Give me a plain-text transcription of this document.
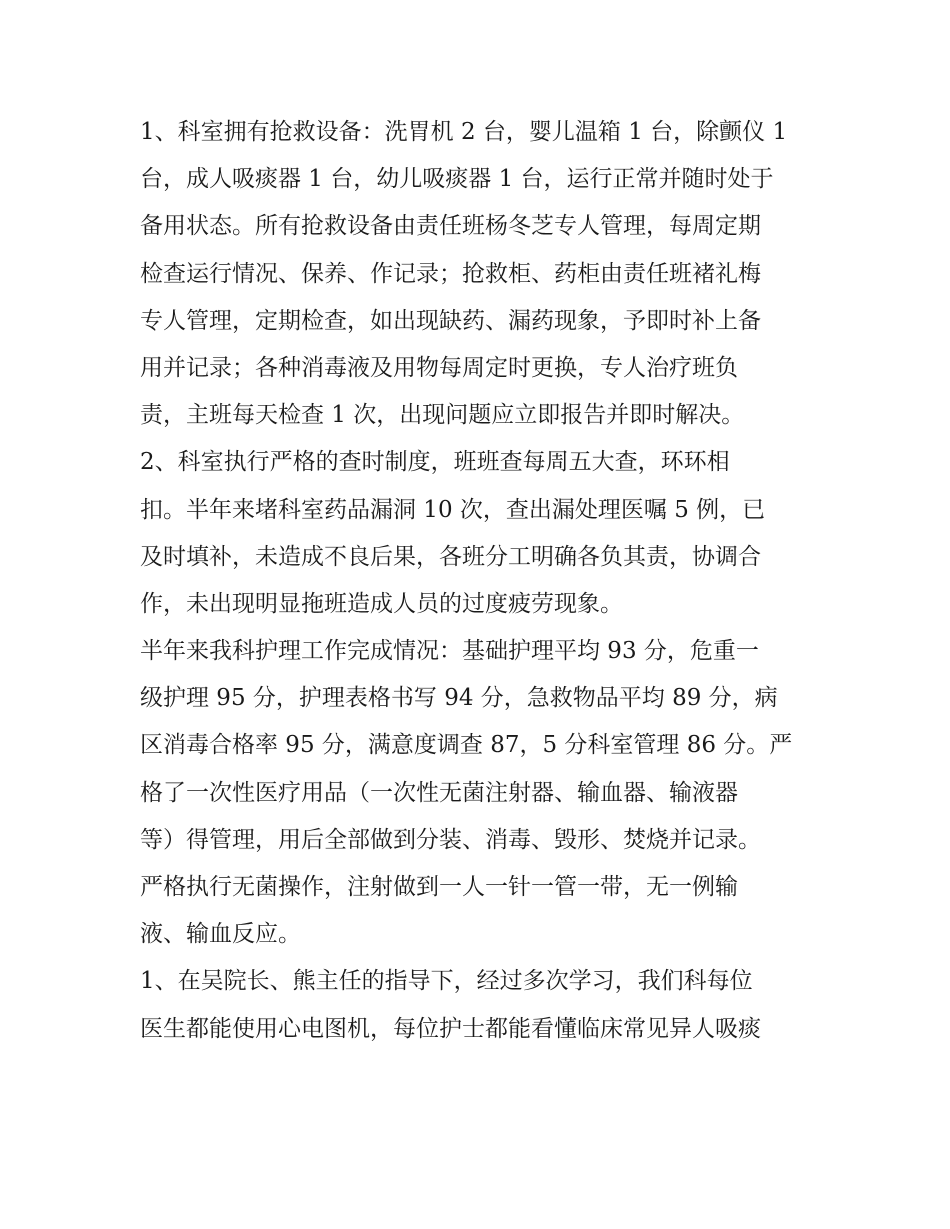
1、科室拥有抢救设备：洗胃机 2 台，婴儿温箱 1 台，除颤仪 1
台，成人吸痰器 1 台，幼儿吸痰器 1 台，运行正常并随时处于
备用状态。所有抢救设备由责任班杨冬芝专人管理，每周定期
检查运行情况、保养、作记录；抢救柜、药柜由责任班褚礼梅
专人管理，定期检查，如出现缺药、漏药现象，予即时补上备
用并记录；各种消毒液及用物每周定时更换，专人治疗班负
责，主班每天检查 1 次，出现问题应立即报告并即时解决。
2、科室执行严格的查时制度，班班查每周五大查，环环相
扣。半年来堵科室药品漏洞 10 次，查出漏处理医嘱 5 例，已
及时填补，未造成不良后果，各班分工明确各负其责，协调合
作，未出现明显拖班造成人员的过度疲劳现象。
半年来我科护理工作完成情况：基础护理平均 93 分，危重一
级护理 95 分，护理表格书写 94 分，急救物品平均 89 分，病
区消毒合格率 95 分，满意度调查 87，5 分科室管理 86 分。严
格了一次性医疗用品（一次性无菌注射器、输血器、输液器
等）得管理，用后全部做到分装、消毒、毁形、焚烧并记录。
严格执行无菌操作，注射做到一人一针一管一带，无一例输
液、输血反应。
1、在吴院长、熊主任的指导下，经过多次学习，我们科每位
医生都能使用心电图机，每位护士都能看懂临床常见异人吸痰
